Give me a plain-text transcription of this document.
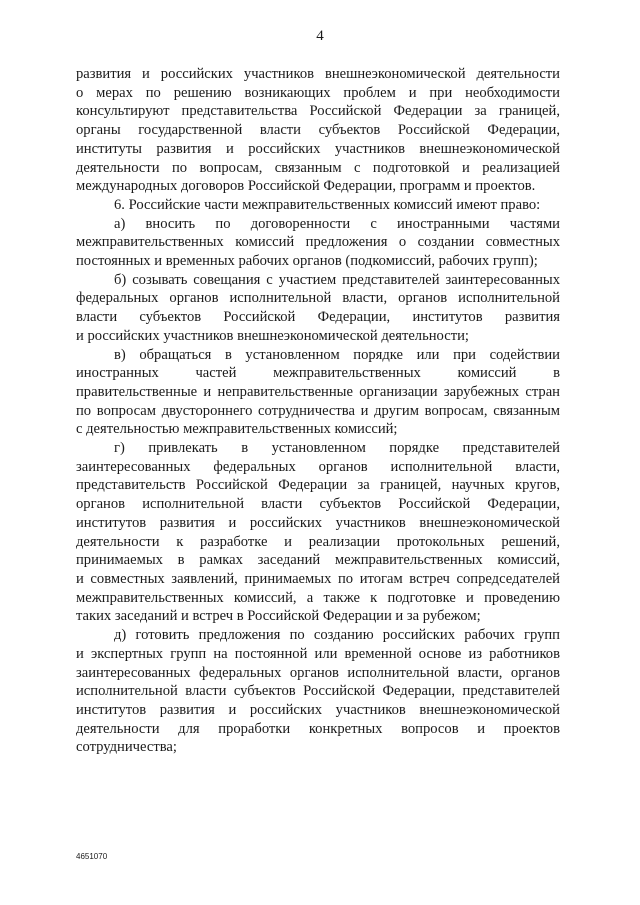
4
развития и российских участников внешнеэкономической деятельности
о мерах по решению возникающих проблем и при необходимости
консультируют представительства Российской Федерации за границей,
органы государственной власти субъектов Российской Федерации,
институты развития и российских участников внешнеэкономической
деятельности по вопросам, связанным с подготовкой и реализацией
международных договоров Российской Федерации, программ и проектов.
6. Российские части межправительственных комиссий имеют право:
а) вносить по договоренности с иностранными частями
межправительственных комиссий предложения о создании совместных
постоянных и временных рабочих органов (подкомиссий, рабочих групп);
б) созывать совещания с участием представителей заинтересованных
федеральных органов исполнительной власти, органов исполнительной
власти субъектов Российской Федерации, институтов развития
и российских участников внешнеэкономической деятельности;
в) обращаться в установленном порядке или при содействии
иностранных частей межправительственных комиссий в
правительственные и неправительственные организации зарубежных стран
по вопросам двустороннего сотрудничества и другим вопросам, связанным
с деятельностью межправительственных комиссий;
г) привлекать в установленном порядке представителей
заинтересованных федеральных органов исполнительной власти,
представительств Российской Федерации за границей, научных кругов,
органов исполнительной власти субъектов Российской Федерации,
институтов развития и российских участников внешнеэкономической
деятельности к разработке и реализации протокольных решений,
принимаемых в рамках заседаний межправительственных комиссий,
и совместных заявлений, принимаемых по итогам встреч сопредседателей
межправительственных комиссий, а также к подготовке и проведению
таких заседаний и встреч в Российской Федерации и за рубежом;
д) готовить предложения по созданию российских рабочих групп
и экспертных групп на постоянной или временной основе из работников
заинтересованных федеральных органов исполнительной власти, органов
исполнительной власти субъектов Российской Федерации, представителей
институтов развития и российских участников внешнеэкономической
деятельности для проработки конкретных вопросов и проектов
сотрудничества;
4651070
